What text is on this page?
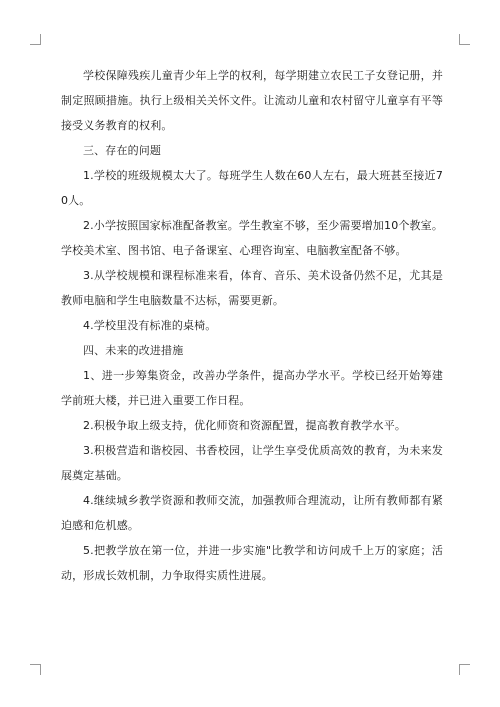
学校保障残疾儿童青少年上学的权利，每学期建立农民工子女登记册，并制定照顾措施。执行上级相关关怀文件。让流动儿童和农村留守儿童享有平等接受义务教育的权利。

三、存在的问题

1.学校的班级规模太大了。每班学生人数在60人左右，最大班甚至接近70人。

2.小学按照国家标准配备教室。学生教室不够，至少需要增加10个教室。学校美术室、图书馆、电子备课室、心理咨询室、电脑教室配备不够。

3.从学校规模和课程标准来看，体育、音乐、美术设备仍然不足，尤其是教师电脑和学生电脑数量不达标，需要更新。

4.学校里没有标准的桌椅。

四、未来的改进措施

1、进一步筹集资金，改善办学条件，提高办学水平。学校已经开始筹建学前班大楼，并已进入重要工作日程。

2.积极争取上级支持，优化师资和资源配置，提高教育教学水平。

3.积极营造和谐校园、书香校园，让学生享受优质高效的教育，为未来发展奠定基础。

4.继续城乡教学资源和教师交流，加强教师合理流动，让所有教师都有紧迫感和危机感。

5.把教学放在第一位，并进一步实施"比教学和访问成千上万的家庭；活动，形成长效机制，力争取得实质性进展。
